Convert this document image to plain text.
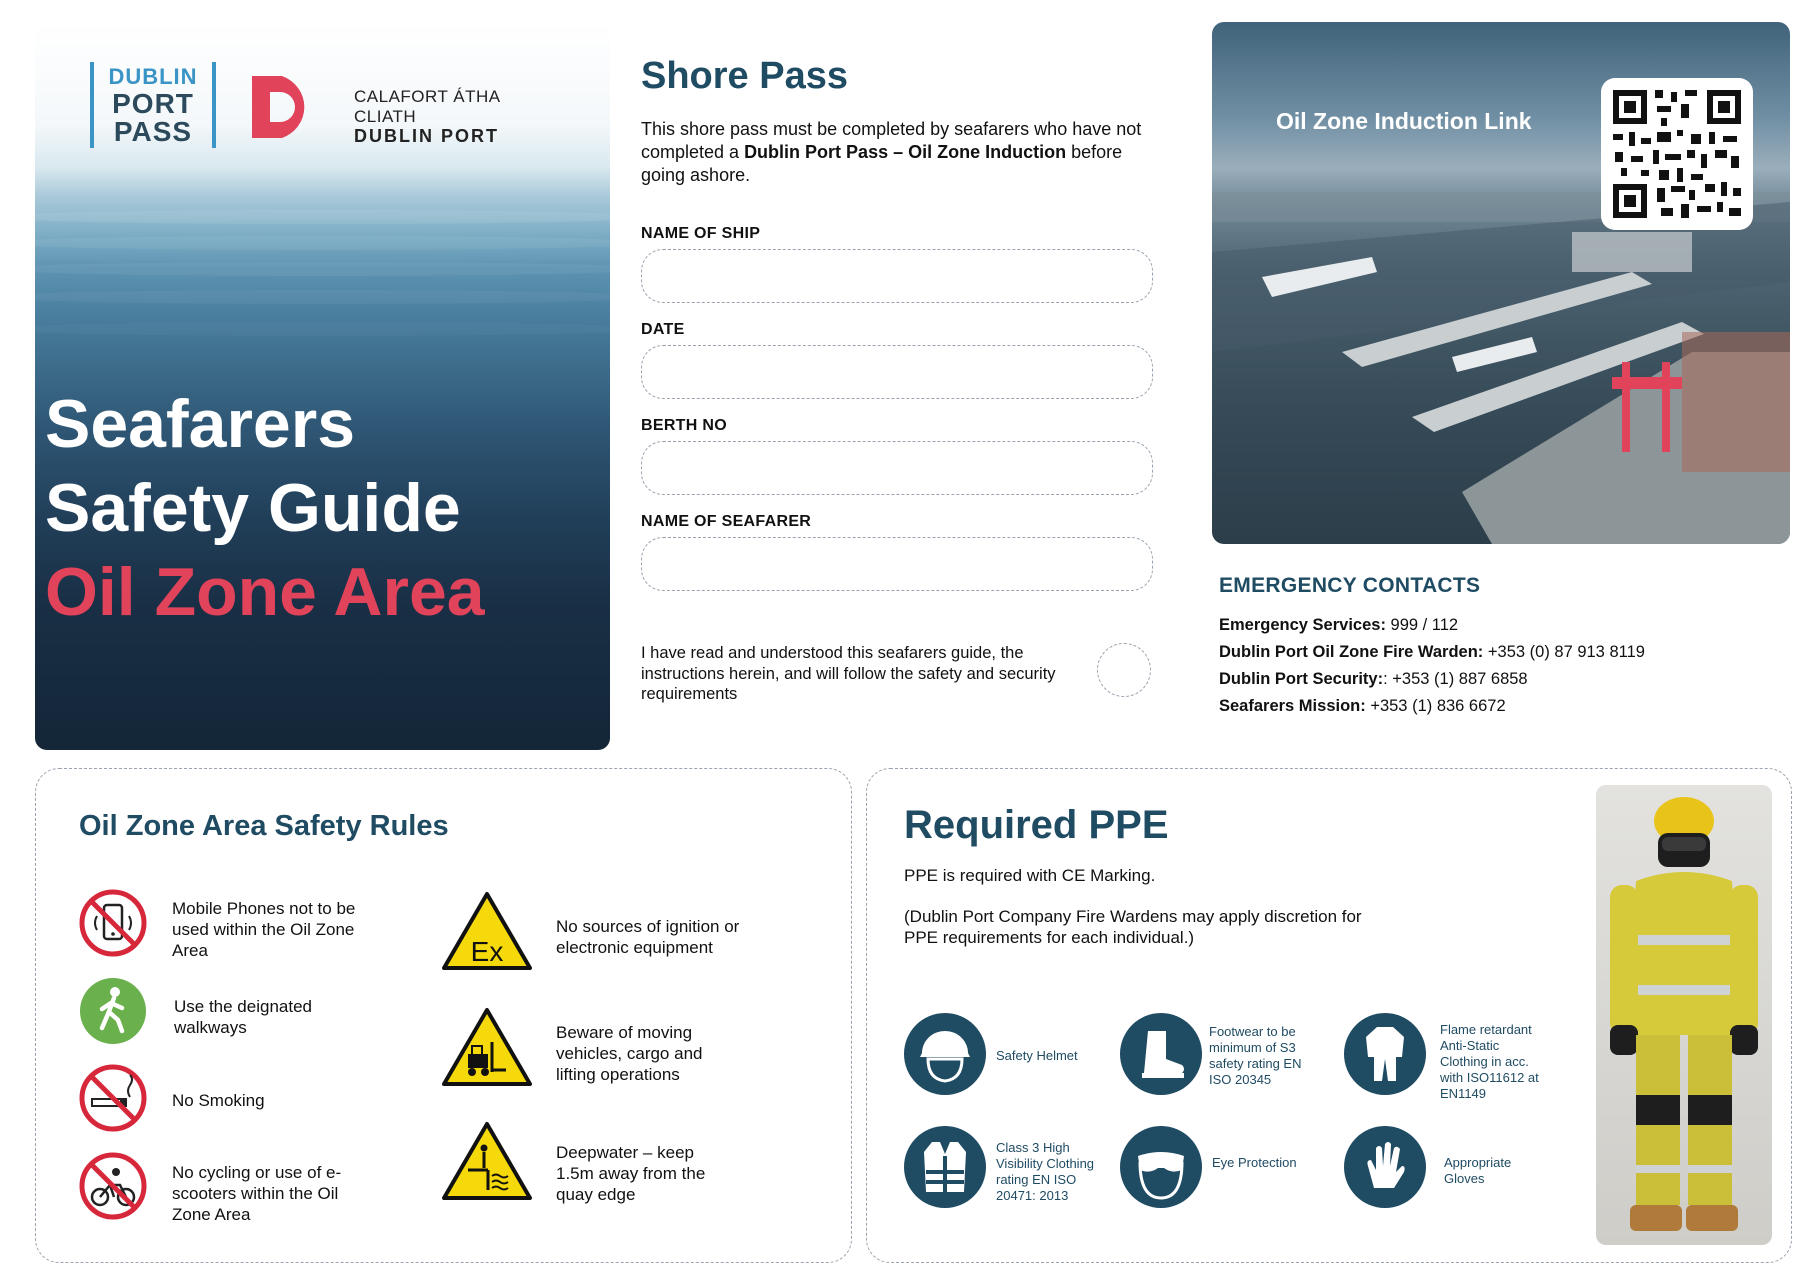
DUBLIN
PORT
PASS
CALAFORT ÁTHA CLIATH
DUBLIN PORT
Seafarers
Safety Guide
Oil Zone Area
Shore Pass
This shore pass must be completed by seafarers who have not completed a Dublin Port Pass – Oil Zone Induction before going ashore.
NAME OF SHIP
DATE
BERTH NO
NAME OF SEAFARER
I have read and understood this seafarers guide, the instructions herein, and will follow the safety and security requirements
Oil Zone Induction Link
EMERGENCY CONTACTS
Emergency Services: 999 / 112
Dublin Port Oil Zone Fire Warden: +353 (0) 87 913 8119
Dublin Port Security:: +353 (1) 887 6858
Seafarers Mission: +353 (1) 836 6672
Oil Zone Area Safety Rules
Mobile Phones not to be used within the Oil Zone Area
Use the deignated walkways
No Smoking
No cycling or use of e-scooters within the Oil Zone Area
Ex
No sources of ignition or electronic equipment
Beware of moving vehicles, cargo and lifting operations
Deepwater – keep 1.5m away from the quay edge
Required PPE
PPE is required with CE Marking.
(Dublin Port Company Fire Wardens may apply discretion for PPE requirements for each individual.)
Safety Helmet
Footwear to be minimum of S3 safety rating EN ISO 20345
Flame retardant Anti-Static Clothing in acc. with ISO11612 at EN1149
Class 3 High Visibility Clothing rating EN ISO 20471: 2013
Eye Protection	Appropriate Gloves
